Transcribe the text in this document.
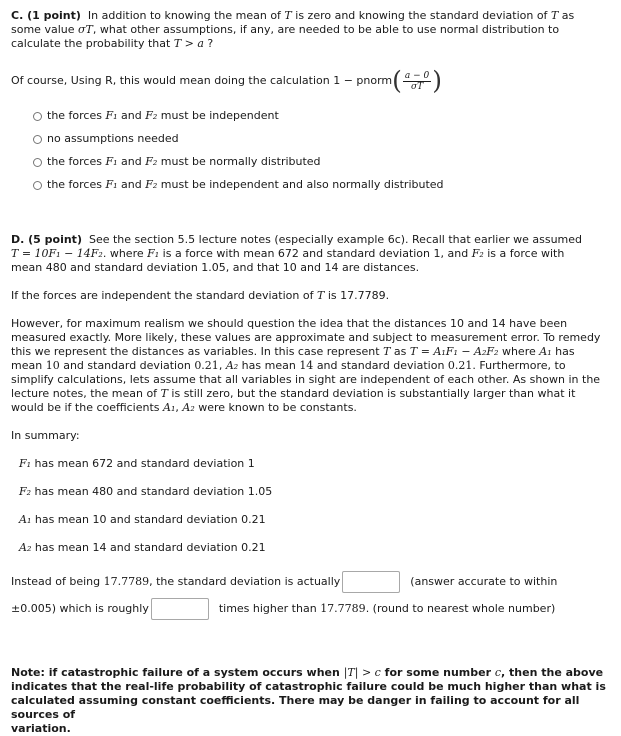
C. (1 point) In addition to knowing the mean of T is zero and knowing the standard deviation of T as
some value σT, what other assumptions, if any, are needed to be able to use normal distribution to
calculate the probability that T > a ?

Of course, Using R, this would mean doing the calculation 1 − pnorm ( $\frac{a - 0}{\sigma T}$ )
the forces
F₁
and
F₂
must be independent
no assumptions needed
the forces
F₁
and
F₂
must be normally distributed
the forces
F₁
and
F₂
must be independent and also normally distributed

D. (5 point) See the section 5.5 lecture notes (especially example 6c). Recall that earlier we assumed
T = 10F₁ − 14F₂. where F₁ is a force with mean 672 and standard deviation 1, and F₂ is a force with
mean 480 and standard deviation 1.05, and that 10 and 14 are distances.

If the forces are independent the standard deviation of T is 17.7789.

However, for maximum realism we should question the idea that the distances 10 and 14 have been
measured exactly. More likely, these values are approximate and subject to measurement error. To remedy
this we represent the distances as variables. In this case represent T as T = A₁F₁ − A₂F₂ where A₁ has
mean 10 and standard deviation 0.21, A₂ has mean 14 and standard deviation 0.21. Furthermore, to
simplify calculations, lets assume that all variables in sight are independent of each other. As shown in the
lecture notes, the mean of T is still zero, but the standard deviation is substantially larger than what it
would be if the coefficients A₁, A₂ were known to be constants.

In summary:
F₁ has mean 672 and standard deviation 1
F₂ has mean 480 and standard deviation 1.05
A₁ has mean 10 and standard deviation 0.21
A₂ has mean 14 and standard deviation 0.21
Instead of being
17.7789 , the standard deviation is actually	(answer accurate to within
±0.005) which is roughly	times higher than
17.7789 . (round to nearest whole number)

Note: if catastrophic failure of a system occurs when |T| > c for some number c, then the above
indicates that the real-life probability of catastrophic failure could be much higher than what is
calculated assuming constant coefficients. There may be danger in failing to account for all sources of
variation.
